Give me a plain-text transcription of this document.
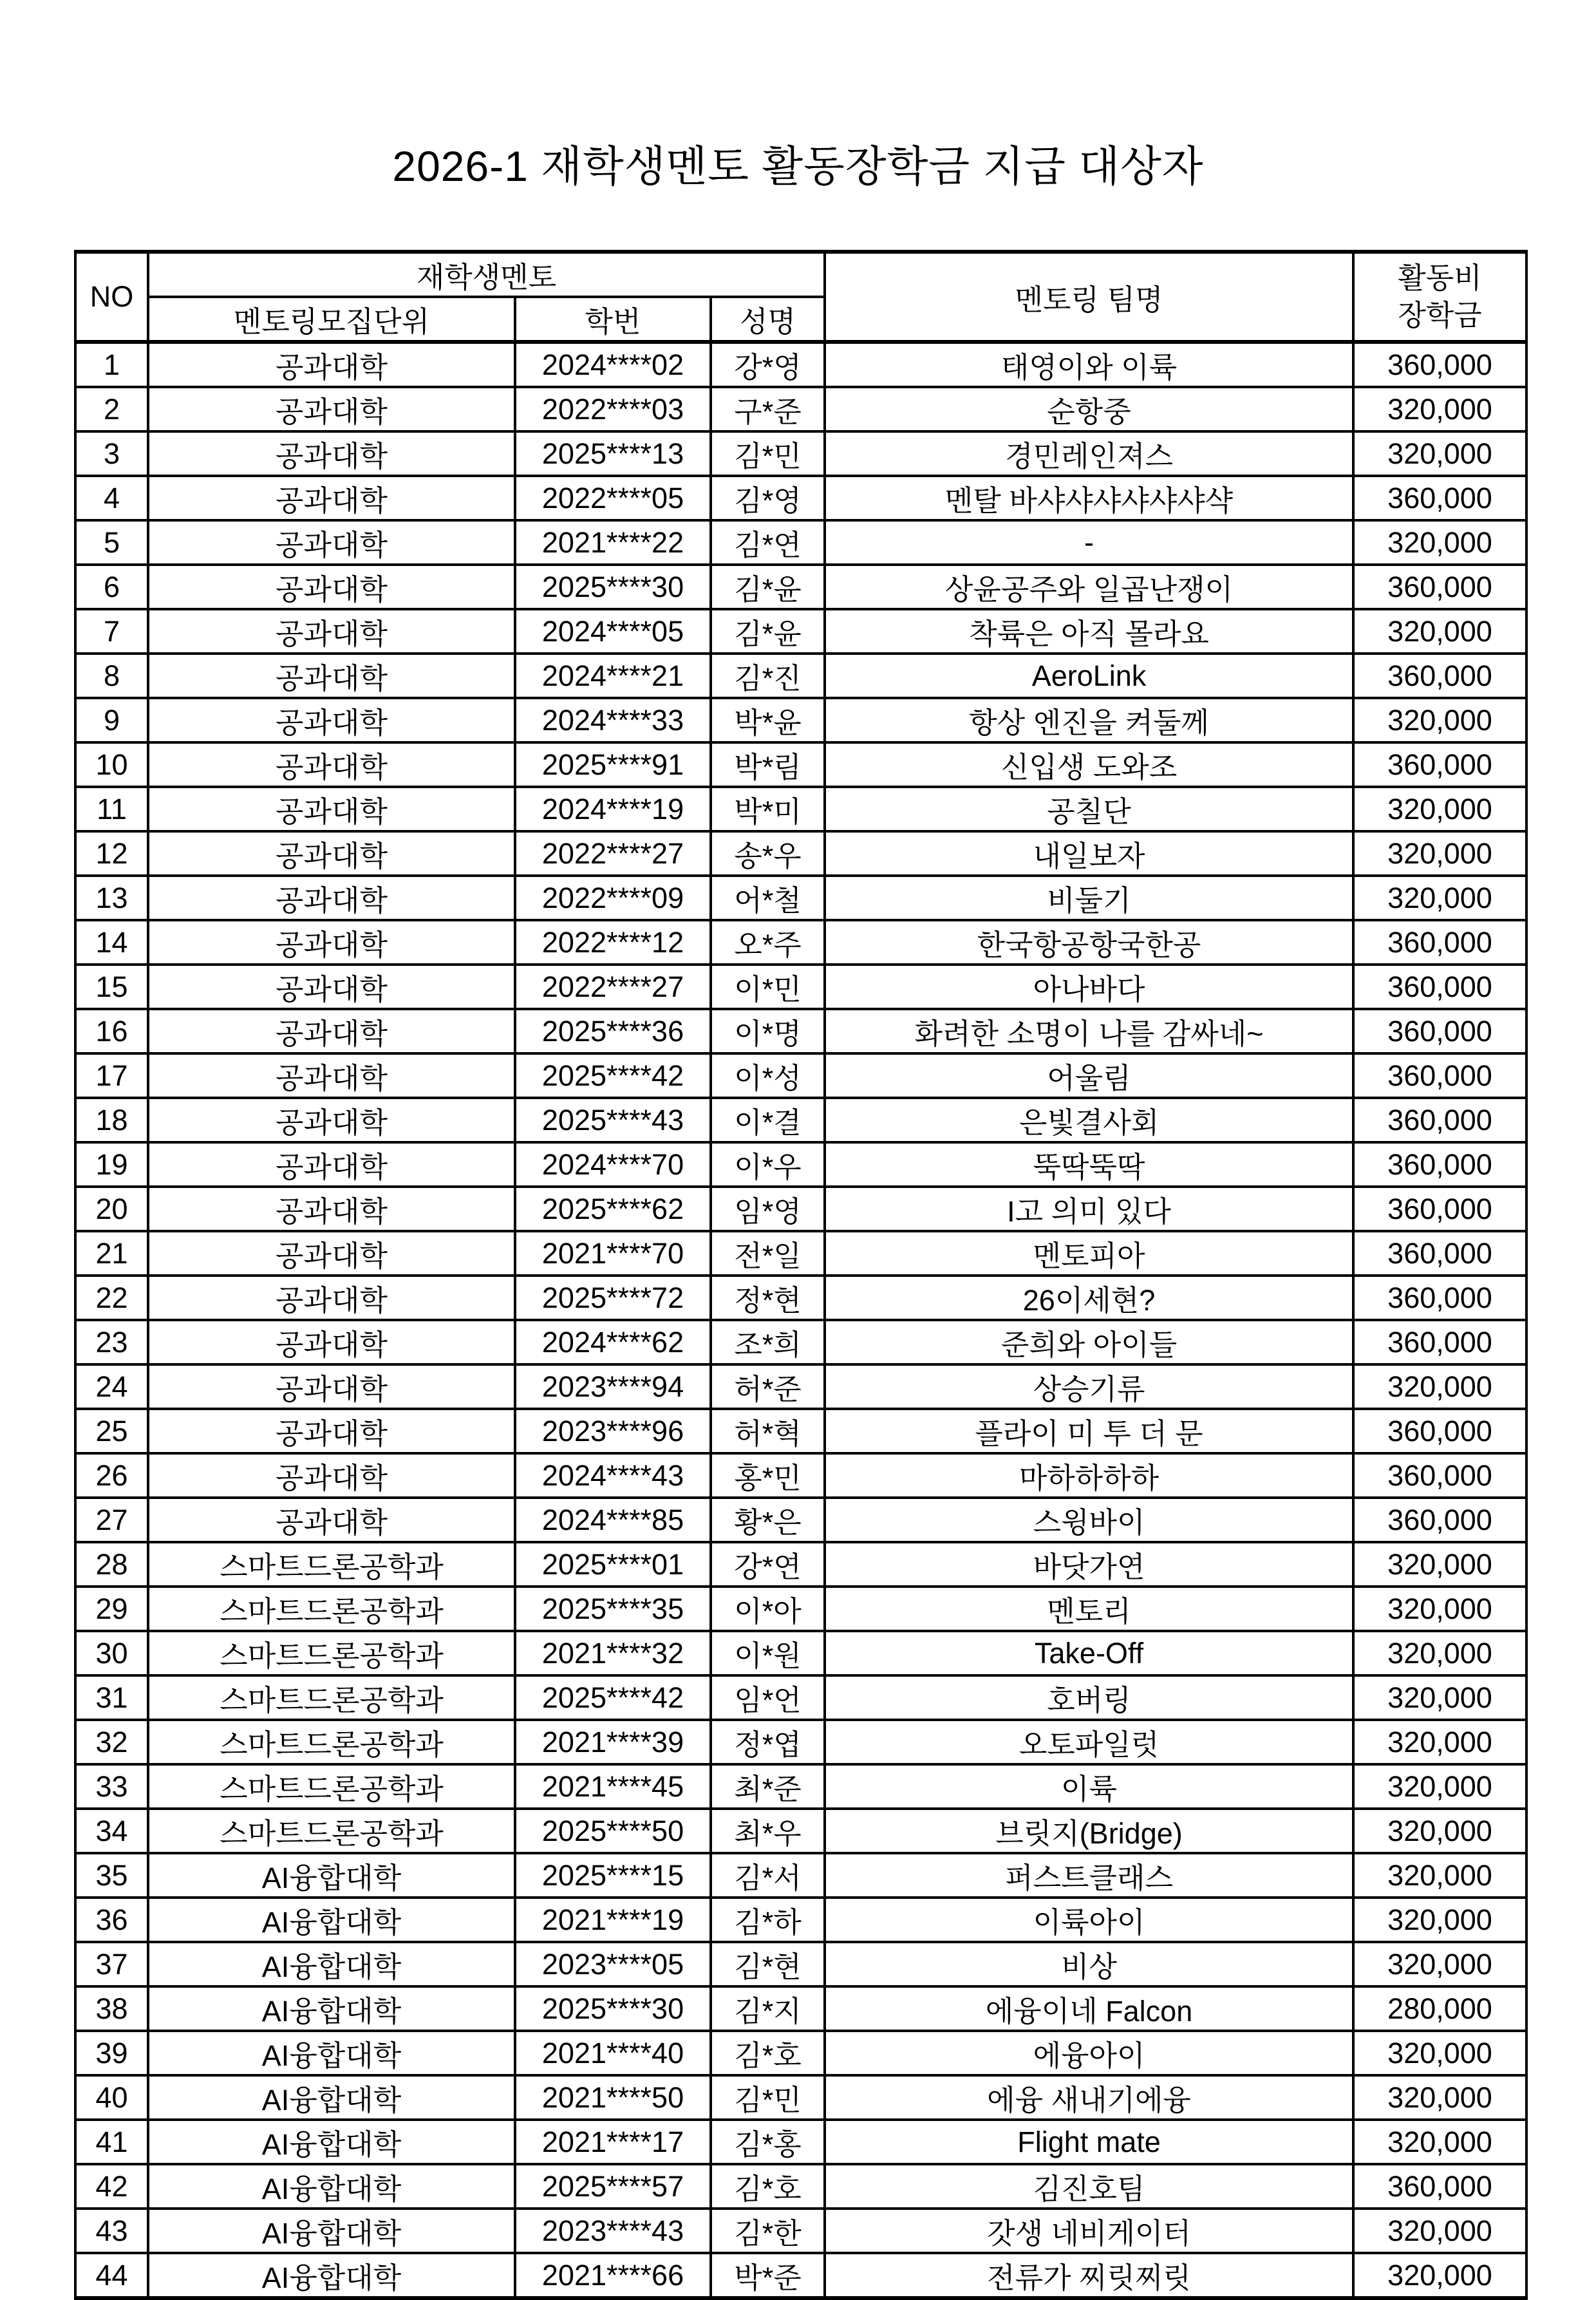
2026-1 재학생멘토 활동장학금 지급 대상자
NO	재학생멘토			멘토링 팀명	활동비
장학금

	멘토링모집단위	학번	성명		
1	공과대학	2024****02	강*영	태영이와 이륙	360,000
2	공과대학	2022****03	구*준	순항중	320,000
3	공과대학	2025****13	김*민	경민레인져스	320,000
4	공과대학	2022****05	김*영	멘탈 바샤샤샤샤샤샤샥	360,000
5	공과대학	2021****22	김*연	-	320,000
6	공과대학	2025****30	김*윤	상윤공주와 일곱난쟁이	360,000
7	공과대학	2024****05	김*윤	착륙은 아직 몰라요	320,000
8	공과대학	2024****21	김*진	AeroLink	360,000
9	공과대학	2024****33	박*윤	항상 엔진을 켜둘께	320,000
10	공과대학	2025****91	박*림	신입생 도와조	360,000
11	공과대학	2024****19	박*미	공칠단	320,000
12	공과대학	2022****27	송*우	내일보자	320,000
13	공과대학	2022****09	어*철	비둘기	320,000
14	공과대학	2022****12	오*주	한국항공항국한공	360,000
15	공과대학	2022****27	이*민	아나바다	360,000
16	공과대학	2025****36	이*명	화려한 소명이 나를 감싸네~	360,000
17	공과대학	2025****42	이*성	어울림	360,000
18	공과대학	2025****43	이*결	은빛결사회	360,000
19	공과대학	2024****70	이*우	뚝딱뚝딱	360,000
20	공과대학	2025****62	임*영	I고 의미 있다	360,000
21	공과대학	2021****70	전*일	멘토피아	360,000
22	공과대학	2025****72	정*현	26이세현?	360,000
23	공과대학	2024****62	조*희	준희와 아이들	360,000
24	공과대학	2023****94	허*준	상승기류	320,000
25	공과대학	2023****96	허*혁	플라이 미 투 더 문	360,000
26	공과대학	2024****43	홍*민	마하하하하	360,000
27	공과대학	2024****85	황*은	스윙바이	360,000
28	스마트드론공학과	2025****01	강*연	바닷가연	320,000
29	스마트드론공학과	2025****35	이*아	멘토리	320,000
30	스마트드론공학과	2021****32	이*원	Take-Off	320,000
31	스마트드론공학과	2025****42	임*언	호버링	320,000
32	스마트드론공학과	2021****39	정*엽	오토파일럿	320,000
33	스마트드론공학과	2021****45	최*준	이륙	320,000
34	스마트드론공학과	2025****50	최*우	브릿지(Bridge)	320,000
35	AI융합대학	2025****15	김*서	퍼스트클래스	320,000
36	AI융합대학	2021****19	김*하	이륙아이	320,000
37	AI융합대학	2023****05	김*현	비상	320,000
38	AI융합대학	2025****30	김*지	에융이네 Falcon	280,000
39	AI융합대학	2021****40	김*호	에융아이	320,000
40	AI융합대학	2021****50	김*민	에융 새내기에융	320,000
41	AI융합대학	2021****17	김*홍	Flight mate	320,000
42	AI융합대학	2025****57	김*호	김진호팀	360,000
43	AI융합대학	2023****43	김*한	갓생 네비게이터	320,000
44	AI융합대학	2021****66	박*준	전류가 찌릿찌릿	320,000
